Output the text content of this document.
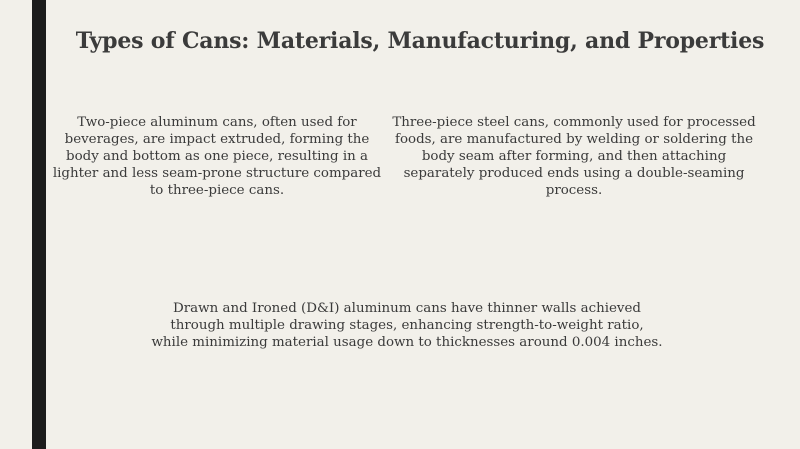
Types of Cans: Materials, Manufacturing, and Properties
Two-piece aluminum cans, often used for beverages, are impact extruded, forming the body and bottom as one piece, resulting in a lighter and less seam-prone structure compared to three-piece cans.
Three-piece steel cans, commonly used for processed foods, are manufactured by welding or soldering the body seam after forming, and then attaching separately produced ends using a double-seaming process.
Drawn and Ironed (D&I) aluminum cans have thinner walls achieved through multiple drawing stages, enhancing strength-to-weight ratio, while minimizing material usage down to thicknesses around 0.004 inches.
